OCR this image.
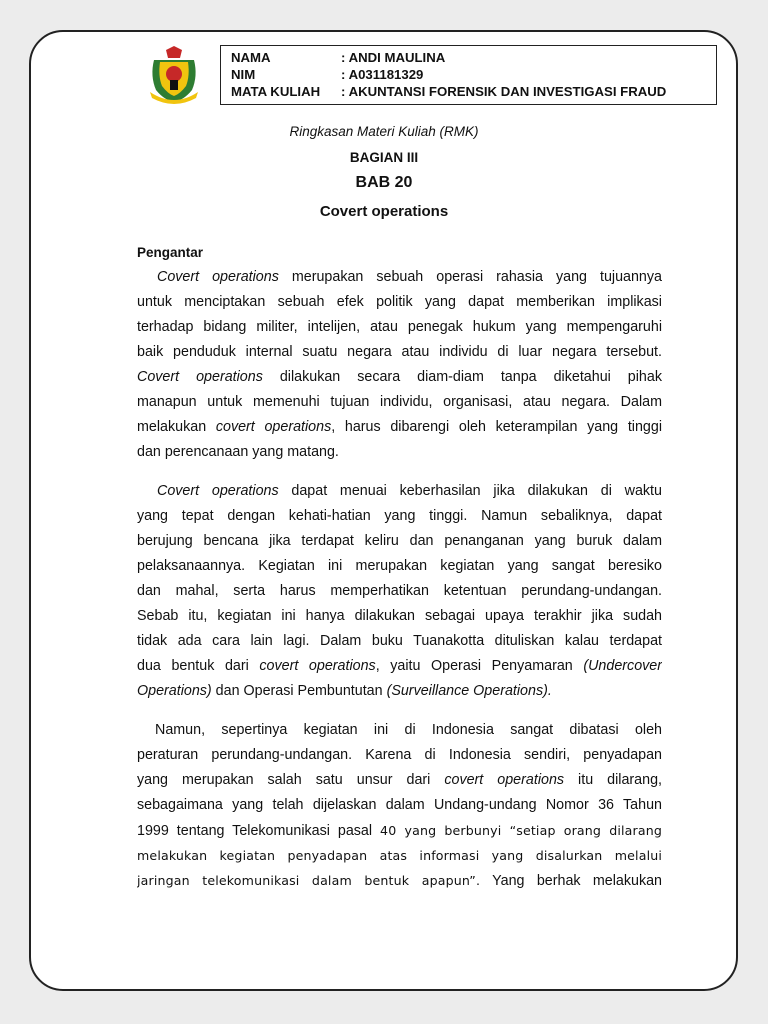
NAMA	: ANDI MAULINA
NIM	: A031181329
MATA KULIAH : AKUNTANSI FORENSIK DAN INVESTIGASI FRAUD
Ringkasan Materi Kuliah (RMK)
BAGIAN III
BAB 20
Covert operations
Pengantar
Covert operations merupakan sebuah operasi rahasia yang tujuannya
untuk menciptakan sebuah efek politik yang dapat memberikan implikasi
terhadap bidang militer, intelijen, atau penegak hukum yang mempengaruhi
baik penduduk internal suatu negara atau individu di luar negara tersebut.
Covert operations dilakukan secara diam-diam tanpa diketahui pihak
manapun untuk memenuhi tujuan individu, organisasi, atau negara. Dalam
melakukan covert operations, harus dibarengi oleh keterampilan yang tinggi
dan perencanaan yang matang.
Covert operations dapat menuai keberhasilan jika dilakukan di waktu
yang tepat dengan kehati-hatian yang tinggi. Namun sebaliknya, dapat
berujung bencana jika terdapat keliru dan penanganan yang buruk dalam
pelaksanaannya. Kegiatan ini merupakan kegiatan yang sangat beresiko
dan mahal, serta harus memperhatikan ketentuan perundang-undangan.
Sebab itu, kegiatan ini hanya dilakukan sebagai upaya terakhir jika sudah
tidak ada cara lain lagi. Dalam buku Tuanakotta dituliskan kalau terdapat
dua bentuk dari covert operations, yaitu Operasi Penyamaran (Undercover
Operations) dan Operasi Pembuntutan (Surveillance Operations).
Namun, sepertinya kegiatan ini di Indonesia sangat dibatasi oleh
peraturan perundang-undangan. Karena di Indonesia sendiri, penyadapan
yang merupakan salah satu unsur dari covert operations itu dilarang,
sebagaimana yang telah dijelaskan dalam Undang-undang Nomor 36 Tahun
1999 tentang Telekomunikasi pasal 40 yang berbunyi “setiap orang dilarang
melakukan kegiatan penyadapan atas informasi yang disalurkan melalui
jaringan telekomunikasi dalam bentuk apapun”. Yang berhak melakukan
